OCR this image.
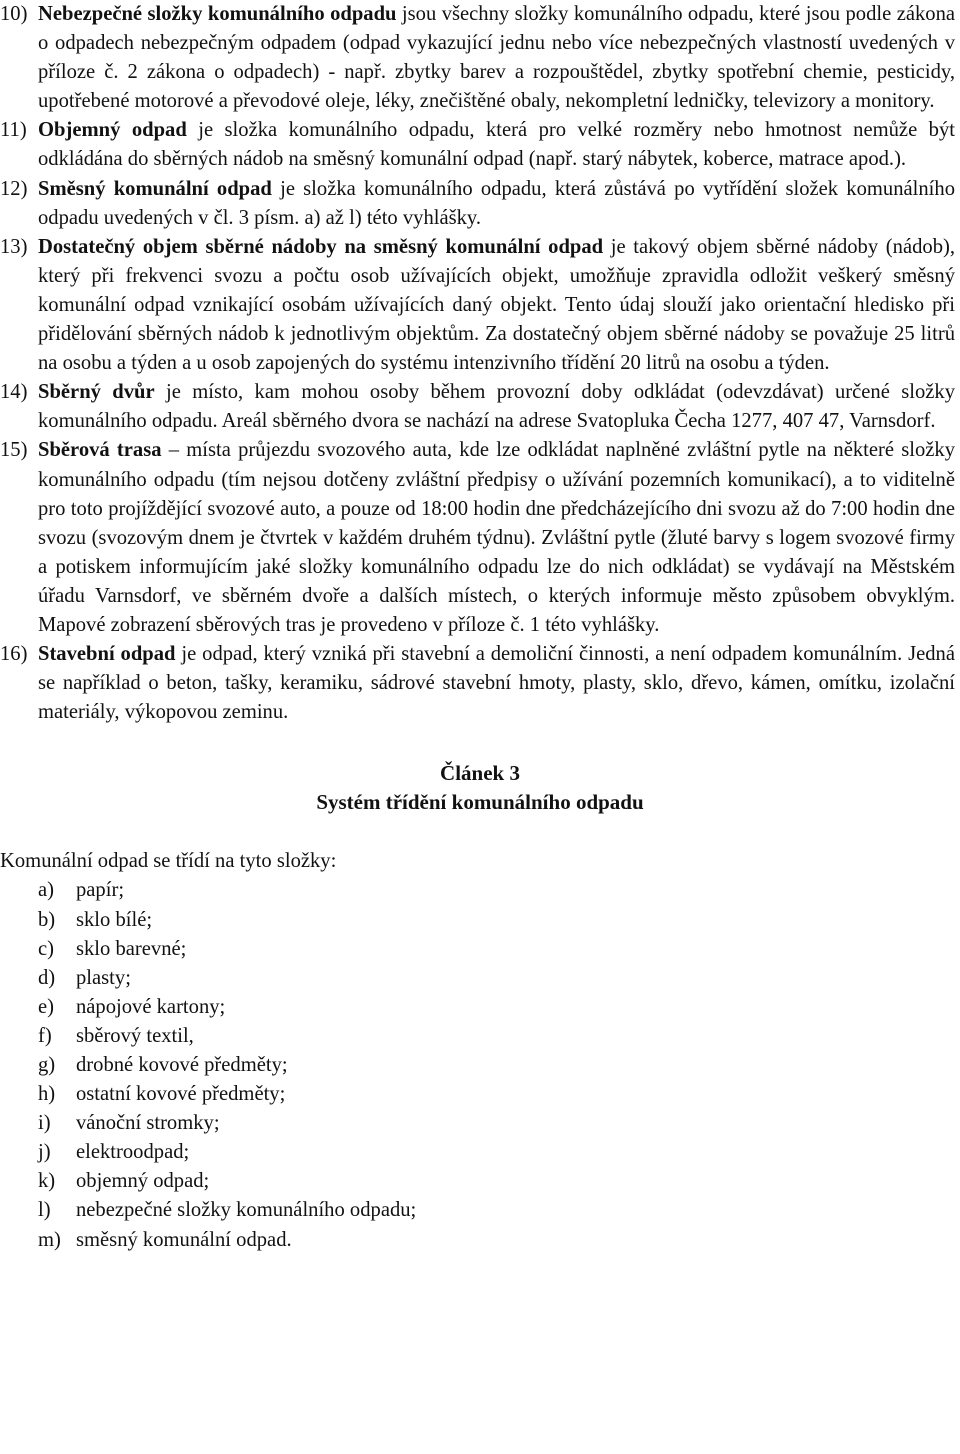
10) Nebezpečné složky komunálního odpadu jsou všechny složky komunálního odpadu, které jsou podle zákona o odpadech nebezpečným odpadem (odpad vykazující jednu nebo více nebezpečných vlastností uvedených v příloze č. 2 zákona o odpadech) - např. zbytky barev a rozpouštědel, zbytky spotřební chemie, pesticidy, upotřebené motorové a převodové oleje, léky, znečištěné obaly, nekompletní ledničky, televizory a monitory.
11) Objemný odpad je složka komunálního odpadu, která pro velké rozměry nebo hmotnost nemůže být odkládána do sběrných nádob na směsný komunální odpad (např. starý nábytek, koberce, matrace apod.).
12) Směsný komunální odpad je složka komunálního odpadu, která zůstává po vytřídění složek komunálního odpadu uvedených v čl. 3 písm. a) až l) této vyhlášky.
13) Dostatečný objem sběrné nádoby na směsný komunální odpad je takový objem sběrné nádoby (nádob), který při frekvenci svozu a počtu osob užívajících objekt, umožňuje zpravidla odložit veškerý směsný komunální odpad vznikající osobám užívajících daný objekt. Tento údaj slouží jako orientační hledisko při přidělování sběrných nádob k jednotlivým objektům. Za dostatečný objem sběrné nádoby se považuje 25 litrů na osobu a týden a u osob zapojených do systému intenzivního třídění 20 litrů na osobu a týden.
14) Sběrný dvůr je místo, kam mohou osoby během provozní doby odkládat (odevzdávat) určené složky komunálního odpadu. Areál sběrného dvora se nachází na adrese Svatopluka Čecha 1277, 407 47, Varnsdorf.
15) Sběrová trasa – místa průjezdu svozového auta, kde lze odkládat naplněné zvláštní pytle na některé složky komunálního odpadu (tím nejsou dotčeny zvláštní předpisy o užívání pozemních komunikací), a to viditelně pro toto projíždějící svozové auto, a pouze od 18:00 hodin dne předcházejícího dni svozu až do 7:00 hodin dne svozu (svozovým dnem je čtvrtek v každém druhém týdnu). Zvláštní pytle (žluté barvy s logem svozové firmy a potiskem informujícím jaké složky komunálního odpadu lze do nich odkládat) se vydávají na Městském úřadu Varnsdorf, ve sběrném dvoře a dalších místech, o kterých informuje město způsobem obvyklým. Mapové zobrazení sběrových tras je provedeno v příloze č. 1 této vyhlášky.
16) Stavební odpad je odpad, který vzniká při stavební a demoliční činnosti, a není odpadem komunálním. Jedná se například o beton, tašky, keramiku, sádrové stavební hmoty, plasty, sklo, dřevo, kámen, omítku, izolační materiály, výkopovou zeminu.
Článek 3
Systém třídění komunálního odpadu
Komunální odpad se třídí na tyto složky:
a) papír;
b) sklo bílé;
c) sklo barevné;
d) plasty;
e) nápojové kartony;
f) sběrový textil,
g) drobné kovové předměty;
h) ostatní kovové předměty;
i) vánoční stromky;
j) elektroodpad;
k) objemný odpad;
l) nebezpečné složky komunálního odpadu;
m) směsný komunální odpad.
